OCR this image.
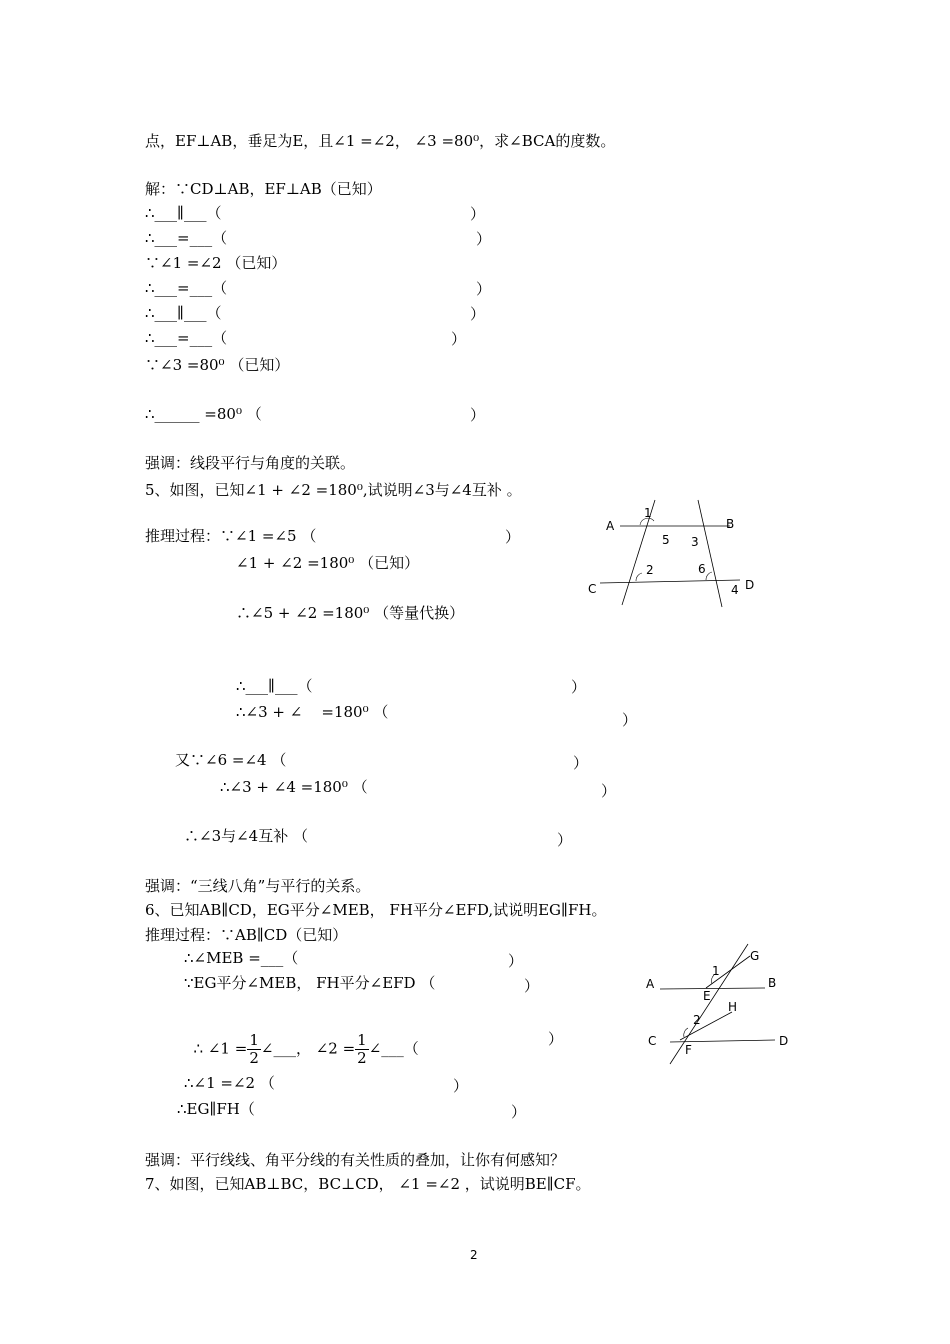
点，EF⊥AB，垂足为E，且∠1 =∠2， ∠3 =80⁰，求∠BCA的度数。
解：∵CD⊥AB，EF⊥AB（已知）
∴___∥___（	）
∴___=___（	）
∵∠1 =∠2 （已知）
∴___=___（	）
∴___∥___（	）
∴___=___（	）
∵∠3 =80⁰ （已知）
∴______ =80⁰ （	）
强调：线段平行与角度的关联。
5、如图，已知∠1 + ∠2 =180⁰,试说明∠3与∠4互补 。
推理过程：∵∠1 =∠5 （	）
∠1 + ∠2 =180⁰ （已知）
∴∠5 + ∠2 =180⁰ （等量代换）
∴___∥___（	）
∴∠3 + ∠    =180⁰ （	）
又∵∠6 =∠4 （	）
∴∠3 + ∠4 =180⁰ （	）
∴∠3与∠4互补 （	）
A	B
C	D
1
5 3
2	6
4
强调：“三线八角”与平行的关系。
6、已知AB∥CD，EG平分∠MEB， FH平分∠EFD,试说明EG∥FH。
推理过程：∵AB∥CD（已知）
∴∠MEB =___（	）
∵EG平分∠MEB， FH平分∠EFD （	）

∴ ∠1 = $\frac{1}{2}$ ∠___， ∠2 = $\frac{1}{2}$ ∠___（

）
∴∠1 =∠2 （	）
∴EG∥FH（	）
A	B
C	D
E
F
G
H
1
2
强调：平行线线、角平分线的有关性质的叠加，让你有何感知？
7、如图，已知AB⊥BC，BC⊥CD， ∠1 =∠2 ，试说明BE∥CF。
2
